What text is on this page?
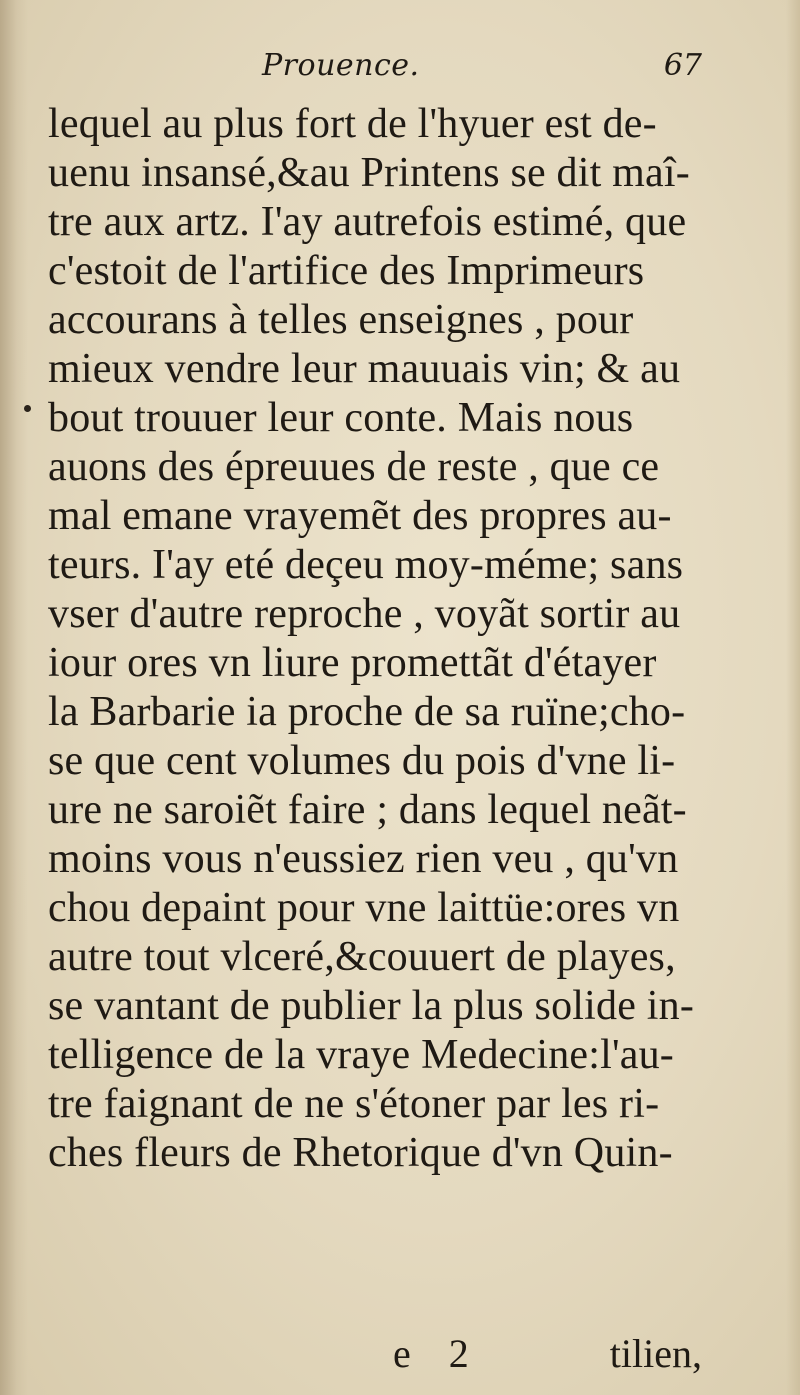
Prouence.	67
lequel au plus fort de l'hyuer est de-
uenu insansé,&au Printens se dit maî-
tre aux artz. I'ay autrefois estimé, que
c'estoit de l'artifice des Imprimeurs
accourans à telles enseignes , pour
mieux vendre leur mauuais vin; & au
bout trouuer leur conte. Mais nous
auons des épreuues de reste , que ce
mal emane vrayemẽt des propres au-
teurs. I'ay eté deçeu moy-méme; sans
vser d'autre reproche , voyãt sortir au
iour ores vn liure promettãt d'étayer
la Barbarie ia proche de sa ruïne;cho-
se que cent volumes du pois d'vne li-
ure ne saroiẽt faire ; dans lequel neãt-
moins vous n'eussiez rien veu , qu'vn
chou depaint pour vne laittüe:ores vn
autre tout vlceré,&couuert de playes,
se vantant de publier la plus solide in-
telligence de la vraye Medecine:l'au-
tre faignant de ne s'étoner par les ri-
ches fleurs de Rhetorique d'vn Quin-
e 2	tilien,
